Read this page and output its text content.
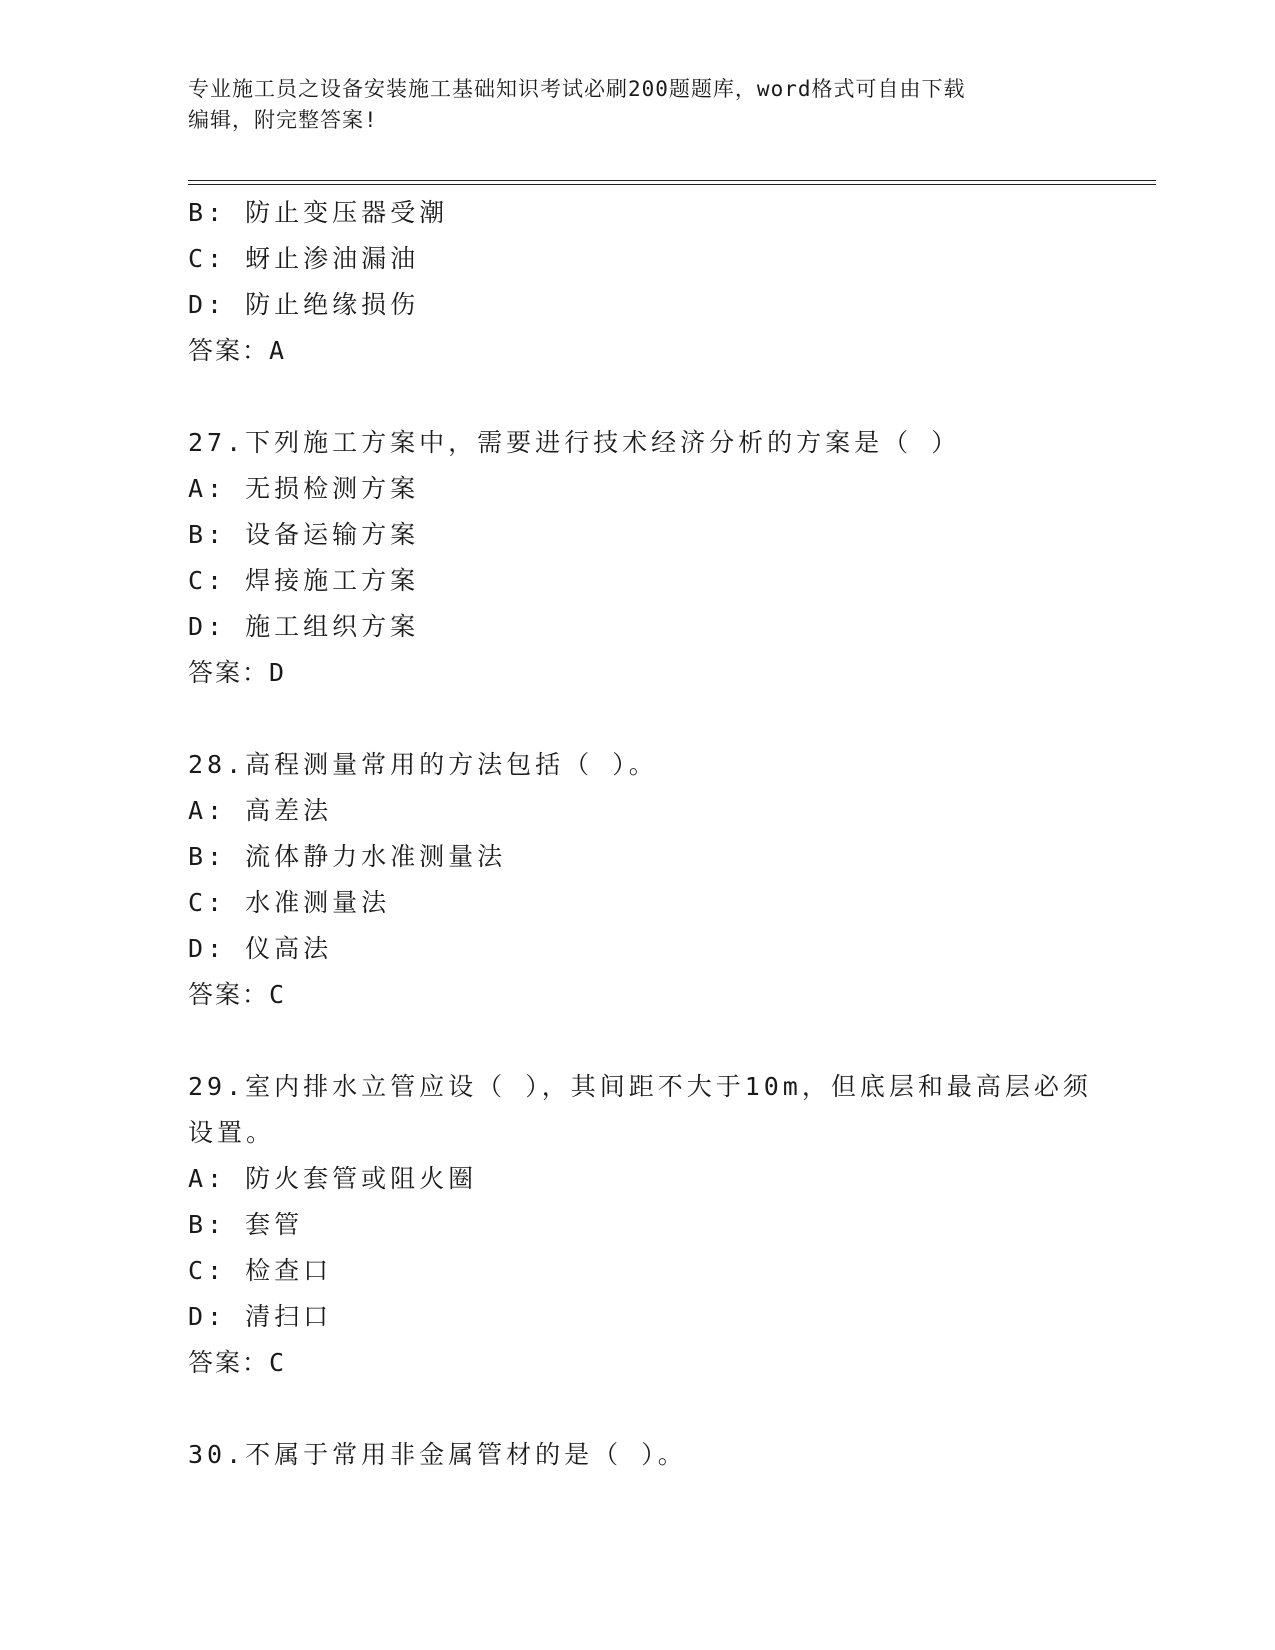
专业施工员之设备安装施工基础知识考试必刷200题题库，word格式可自由下载
编辑，附完整答案!
B: 防止变压器受潮
C: 蚜止渗油漏油
D: 防止绝缘损伤
答案：A
27.下列施工方案中，需要进行技术经济分析的方案是（ ）
A: 无损检测方案
B: 设备运输方案
C: 焊接施工方案
D: 施工组织方案
答案：D
28.高程测量常用的方法包括（ ）。
A: 高差法
B: 流体静力水准测量法
C: 水准测量法
D: 仪高法
答案：C
29.室内排水立管应设（ ），其间距不大于10m，但底层和最高层必须
设置。
A: 防火套管或阻火圈
B: 套管
C: 检查口
D: 清扫口
答案：C
30.不属于常用非金属管材的是（ ）。
